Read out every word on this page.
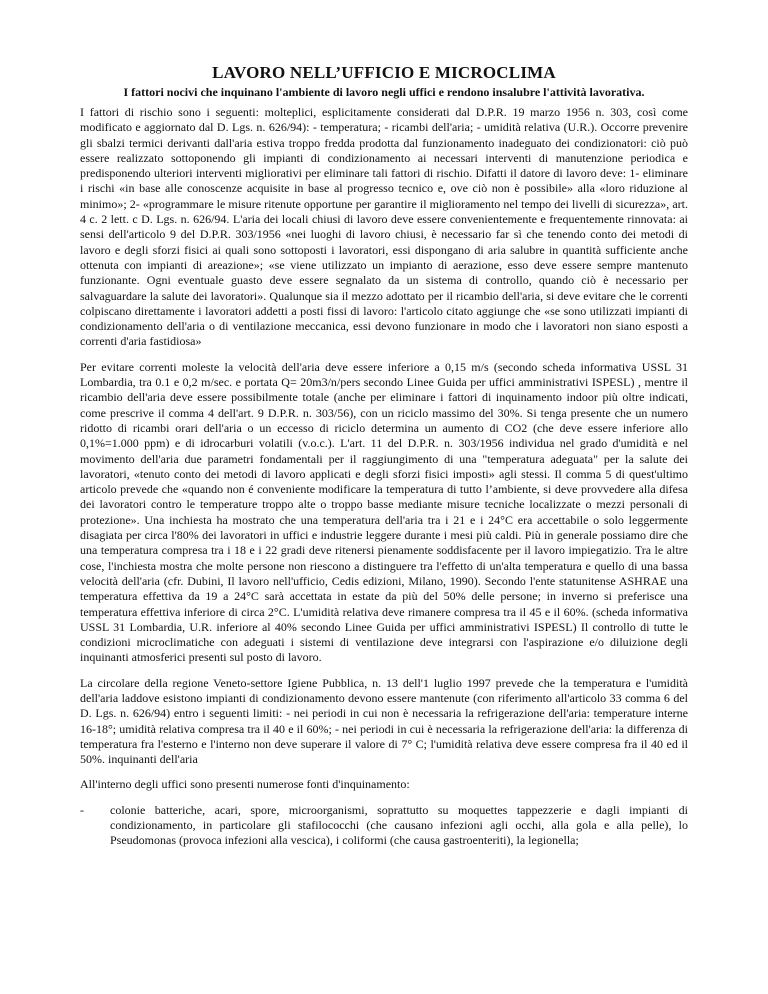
LAVORO NELL’UFFICIO E MICROCLIMA
I fattori nocivi che inquinano l'ambiente di lavoro negli uffici e rendono insalubre l'attività lavorativa.

I fattori di rischio sono i seguenti: molteplici, esplicitamente considerati dal D.P.R. 19 marzo 1956 n. 303, così come modificato e aggiornato dal D. Lgs. n. 626/94): - temperatura; - ricambi dell'aria; - umidità relativa (U.R.). Occorre prevenire gli sbalzi termici derivanti dall'aria estiva troppo fredda prodotta dal funzionamento inadeguato dei condizionatori: ciò può essere realizzato sottoponendo gli impianti di condizionamento ai necessari interventi di manutenzione periodica e predisponendo ulteriori interventi migliorativi per eliminare tali fattori di rischio. Difatti il datore di lavoro deve: 1- eliminare i rischi «in base alle conoscenze acquisite in base al progresso tecnico e, ove ciò non è possibile» alla «loro riduzione al minimo»; 2- «programmare le misure ritenute opportune per garantire il miglioramento nel tempo dei livelli di sicurezza», art. 4 c. 2 lett. c D. Lgs. n. 626/94. L'aria dei locali chiusi di lavoro deve essere convenientemente e frequentemente rinnovata: ai sensi dell'articolo 9 del D.P.R. 303/1956 «nei luoghi di lavoro chiusi, è necessario far sì che tenendo conto dei metodi di lavoro e degli sforzi fisici ai quali sono sottoposti i lavoratori, essi dispongano di aria salubre in quantità sufficiente anche ottenuta con impianti di areazione»; «se viene utilizzato un impianto di aerazione, esso deve essere sempre mantenuto funzionante. Ogni eventuale guasto deve essere segnalato da un sistema di controllo, quando ciò è necessario per salvaguardare la salute dei lavoratori». Qualunque sia il mezzo adottato per il ricambio dell'aria, si deve evitare che le correnti colpiscano direttamente i lavoratori addetti a posti fissi di lavoro: l'articolo citato aggiunge che «se sono utilizzati impianti di condizionamento dell'aria o di ventilazione meccanica, essi devono funzionare in modo che i lavoratori non siano esposti a correnti d'aria fastidiosa»

Per evitare correnti moleste la velocità dell'aria deve essere inferiore a 0,15 m/s (secondo scheda informativa USSL 31 Lombardia, tra 0.1 e 0,2 m/sec. e portata Q= 20m3/n/pers secondo Linee Guida per uffici amministrativi ISPESL) , mentre il ricambio dell'aria deve essere possibilmente totale (anche per eliminare i fattori di inquinamento indoor più oltre indicati, come prescrive il comma 4 dell'art. 9 D.P.R. n. 303/56), con un riciclo massimo del 30%. Si tenga presente che un numero ridotto di ricambi orari dell'aria o un eccesso di riciclo determina un aumento di CO2 (che deve essere inferiore allo 0,1%=1.000 ppm) e di idrocarburi volatili (v.o.c.). L'art. 11 del D.P.R. n. 303/1956 individua nel grado d'umidità e nel movimento dell'aria due parametri fondamentali per il raggiungimento di una "temperatura adeguata" per la salute dei lavoratori, «tenuto conto dei metodi di lavoro applicati e degli sforzi fisici imposti» agli stessi. Il comma 5 di quest'ultimo articolo prevede che «quando non é conveniente modificare la temperatura di tutto l’ambiente, si deve provvedere alla difesa dei lavoratori contro le temperature troppo alte o troppo basse mediante misure tecniche localizzate o mezzi personali di protezione». Una inchiesta ha mostrato che una temperatura dell'aria tra i 21 e i 24°C era accettabile o solo leggermente disagiata per circa l'80% dei lavoratori in uffici e industrie leggere durante i mesi più caldi. Più in generale possiamo dire che una temperatura compresa tra i 18 e i 22 gradi deve ritenersi pienamente soddisfacente per il lavoro impiegatizio. Tra le altre cose, l'inchiesta mostra che molte persone non riescono a distinguere tra l'effetto di un'alta temperatura e quello di una bassa velocità dell'aria (cfr. Dubini, Il lavoro nell'ufficio, Cedis edizioni, Milano, 1990). Secondo l'ente statunitense ASHRAE una temperatura effettiva da 19 a 24°C sarà accettata in estate da più del 50% delle persone; in inverno si preferisce una temperatura effettiva inferiore di circa 2°C. L'umidità relativa deve rimanere compresa tra il 45 e il 60%. (scheda informativa USSL 31 Lombardia, U.R. inferiore al 40% secondo Linee Guida per uffici amministrativi ISPESL) Il controllo di tutte le condizioni microclimatiche con adeguati i sistemi di ventilazione deve integrarsi con l'aspirazione e/o diluizione degli inquinanti atmosferici presenti sul posto di lavoro.

La circolare della regione Veneto-settore Igiene Pubblica, n. 13 dell'1 luglio 1997 prevede che la temperatura e l'umidità dell'aria laddove esistono impianti di condizionamento devono essere mantenute (con riferimento all'articolo 33 comma 6 del D. Lgs. n. 626/94) entro i seguenti limiti: - nei periodi in cui non è necessaria la refrigerazione dell'aria: temperature interne 16-18°; umidità relativa compresa tra il 40 e il 60%; - nei periodi in cui è necessaria la refrigerazione dell'aria: la differenza di temperatura fra l'esterno e l'interno non deve superare il valore di 7° C; l'umidità relativa deve essere compresa fra il 40 ed il 50%. inquinanti dell'aria

All'interno degli uffici sono presenti numerose fonti d'inquinamento:

- colonie batteriche, acari, spore, microorganismi, soprattutto su moquettes tappezzerie e dagli impianti di condizionamento, in particolare gli stafilococchi (che causano infezioni agli occhi, alla gola e alla pelle), lo Pseudomonas (provoca infezioni alla vescica), i coliformi (che causa gastroenteriti), la legionella;
